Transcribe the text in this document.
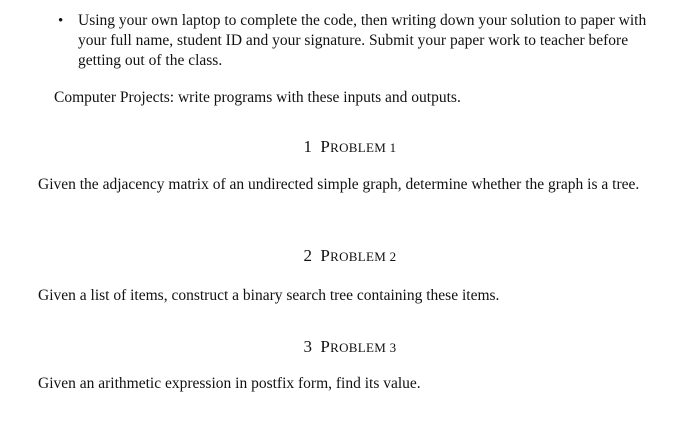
• Using your own laptop to complete the code, then writing down your solution to paper with your full name, student ID and your signature. Submit your paper work to teacher before getting out of the class.
Computer Projects: write programs with these inputs and outputs.
1 PROBLEM 1
Given the adjacency matrix of an undirected simple graph, determine whether the graph is a tree.
2 PROBLEM 2
Given a list of items, construct a binary search tree containing these items.
3 PROBLEM 3
Given an arithmetic expression in postfix form, find its value.
